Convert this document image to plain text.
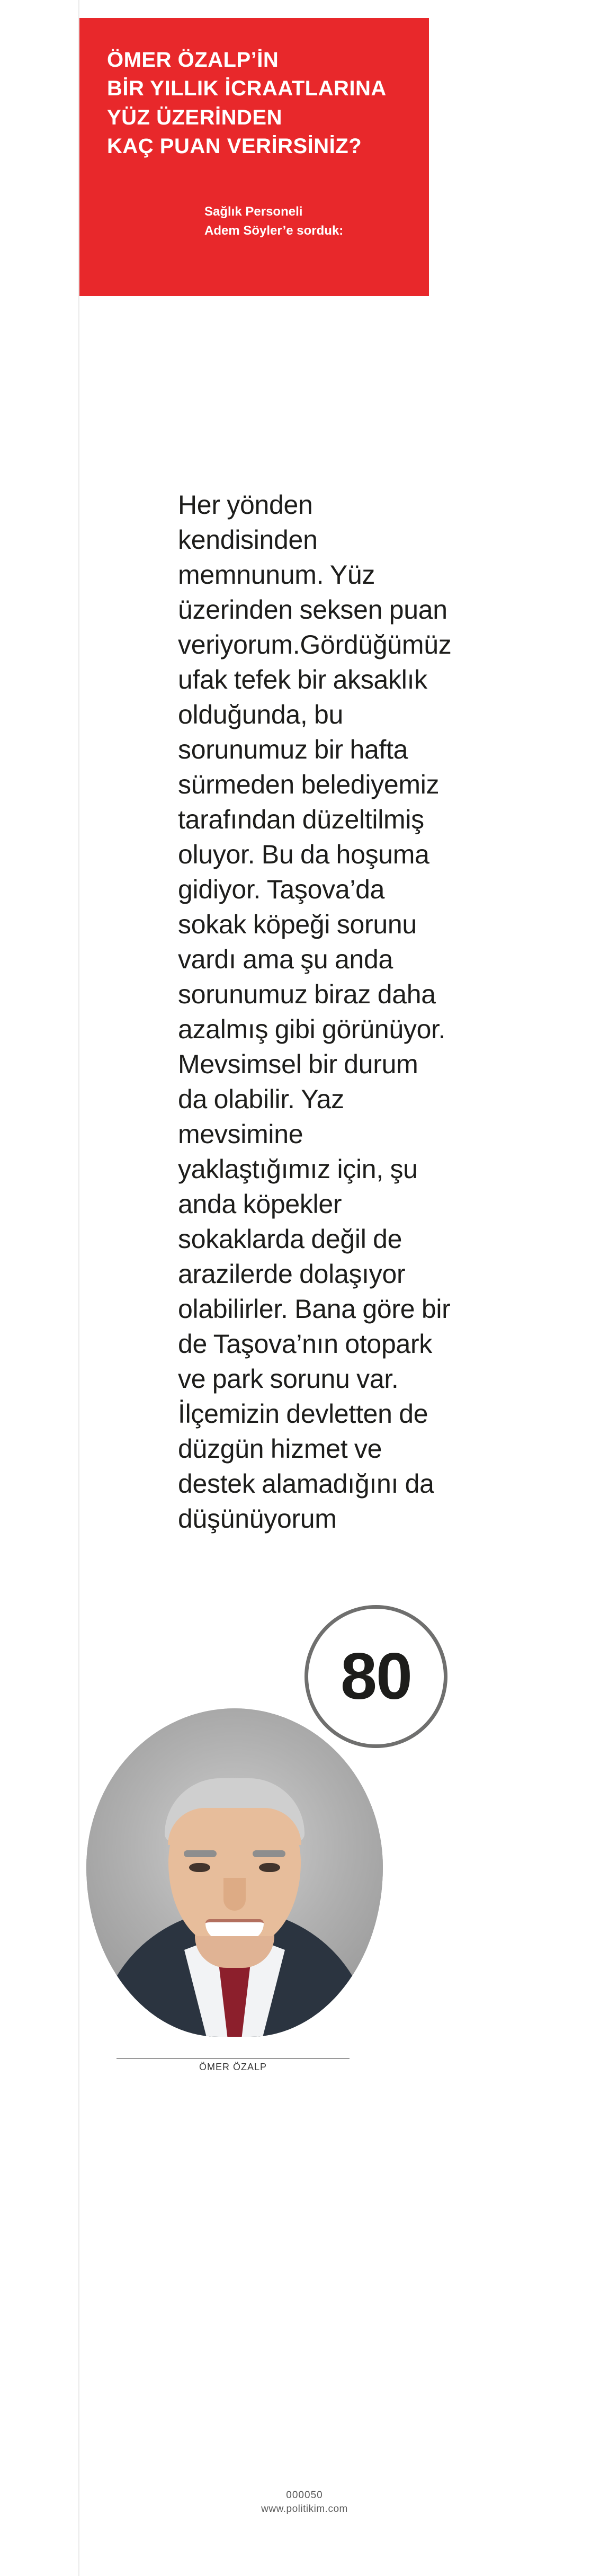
ÖMER ÖZALP’İN
BİR YILLIK İCRAATLARINA
YÜZ ÜZERİNDEN
KAÇ PUAN VERİRSİNİZ?
Sağlık Personeli
Adem Söyler’e sorduk:
Her yönden kendisinden memnunum. Yüz üzerinden seksen puan veriyorum.Gördüğümüz ufak tefek bir aksaklık olduğunda, bu sorunumuz bir hafta sürmeden belediyemiz tarafından düzeltilmiş oluyor. Bu da hoşuma gidiyor. Taşova’da sokak köpeği sorunu vardı ama şu anda sorunumuz biraz daha azalmış gibi görünüyor. Mevsimsel bir durum da olabilir. Yaz mevsimine yaklaştığımız için, şu anda köpekler sokaklarda değil de arazilerde dolaşıyor olabilirler. Bana göre bir de Taşova’nın otopark ve park sorunu var. İlçemizin devletten de düzgün hizmet ve destek alamadığını da düşünüyorum
80
ÖMER ÖZALP
000050
www.politikim.com
